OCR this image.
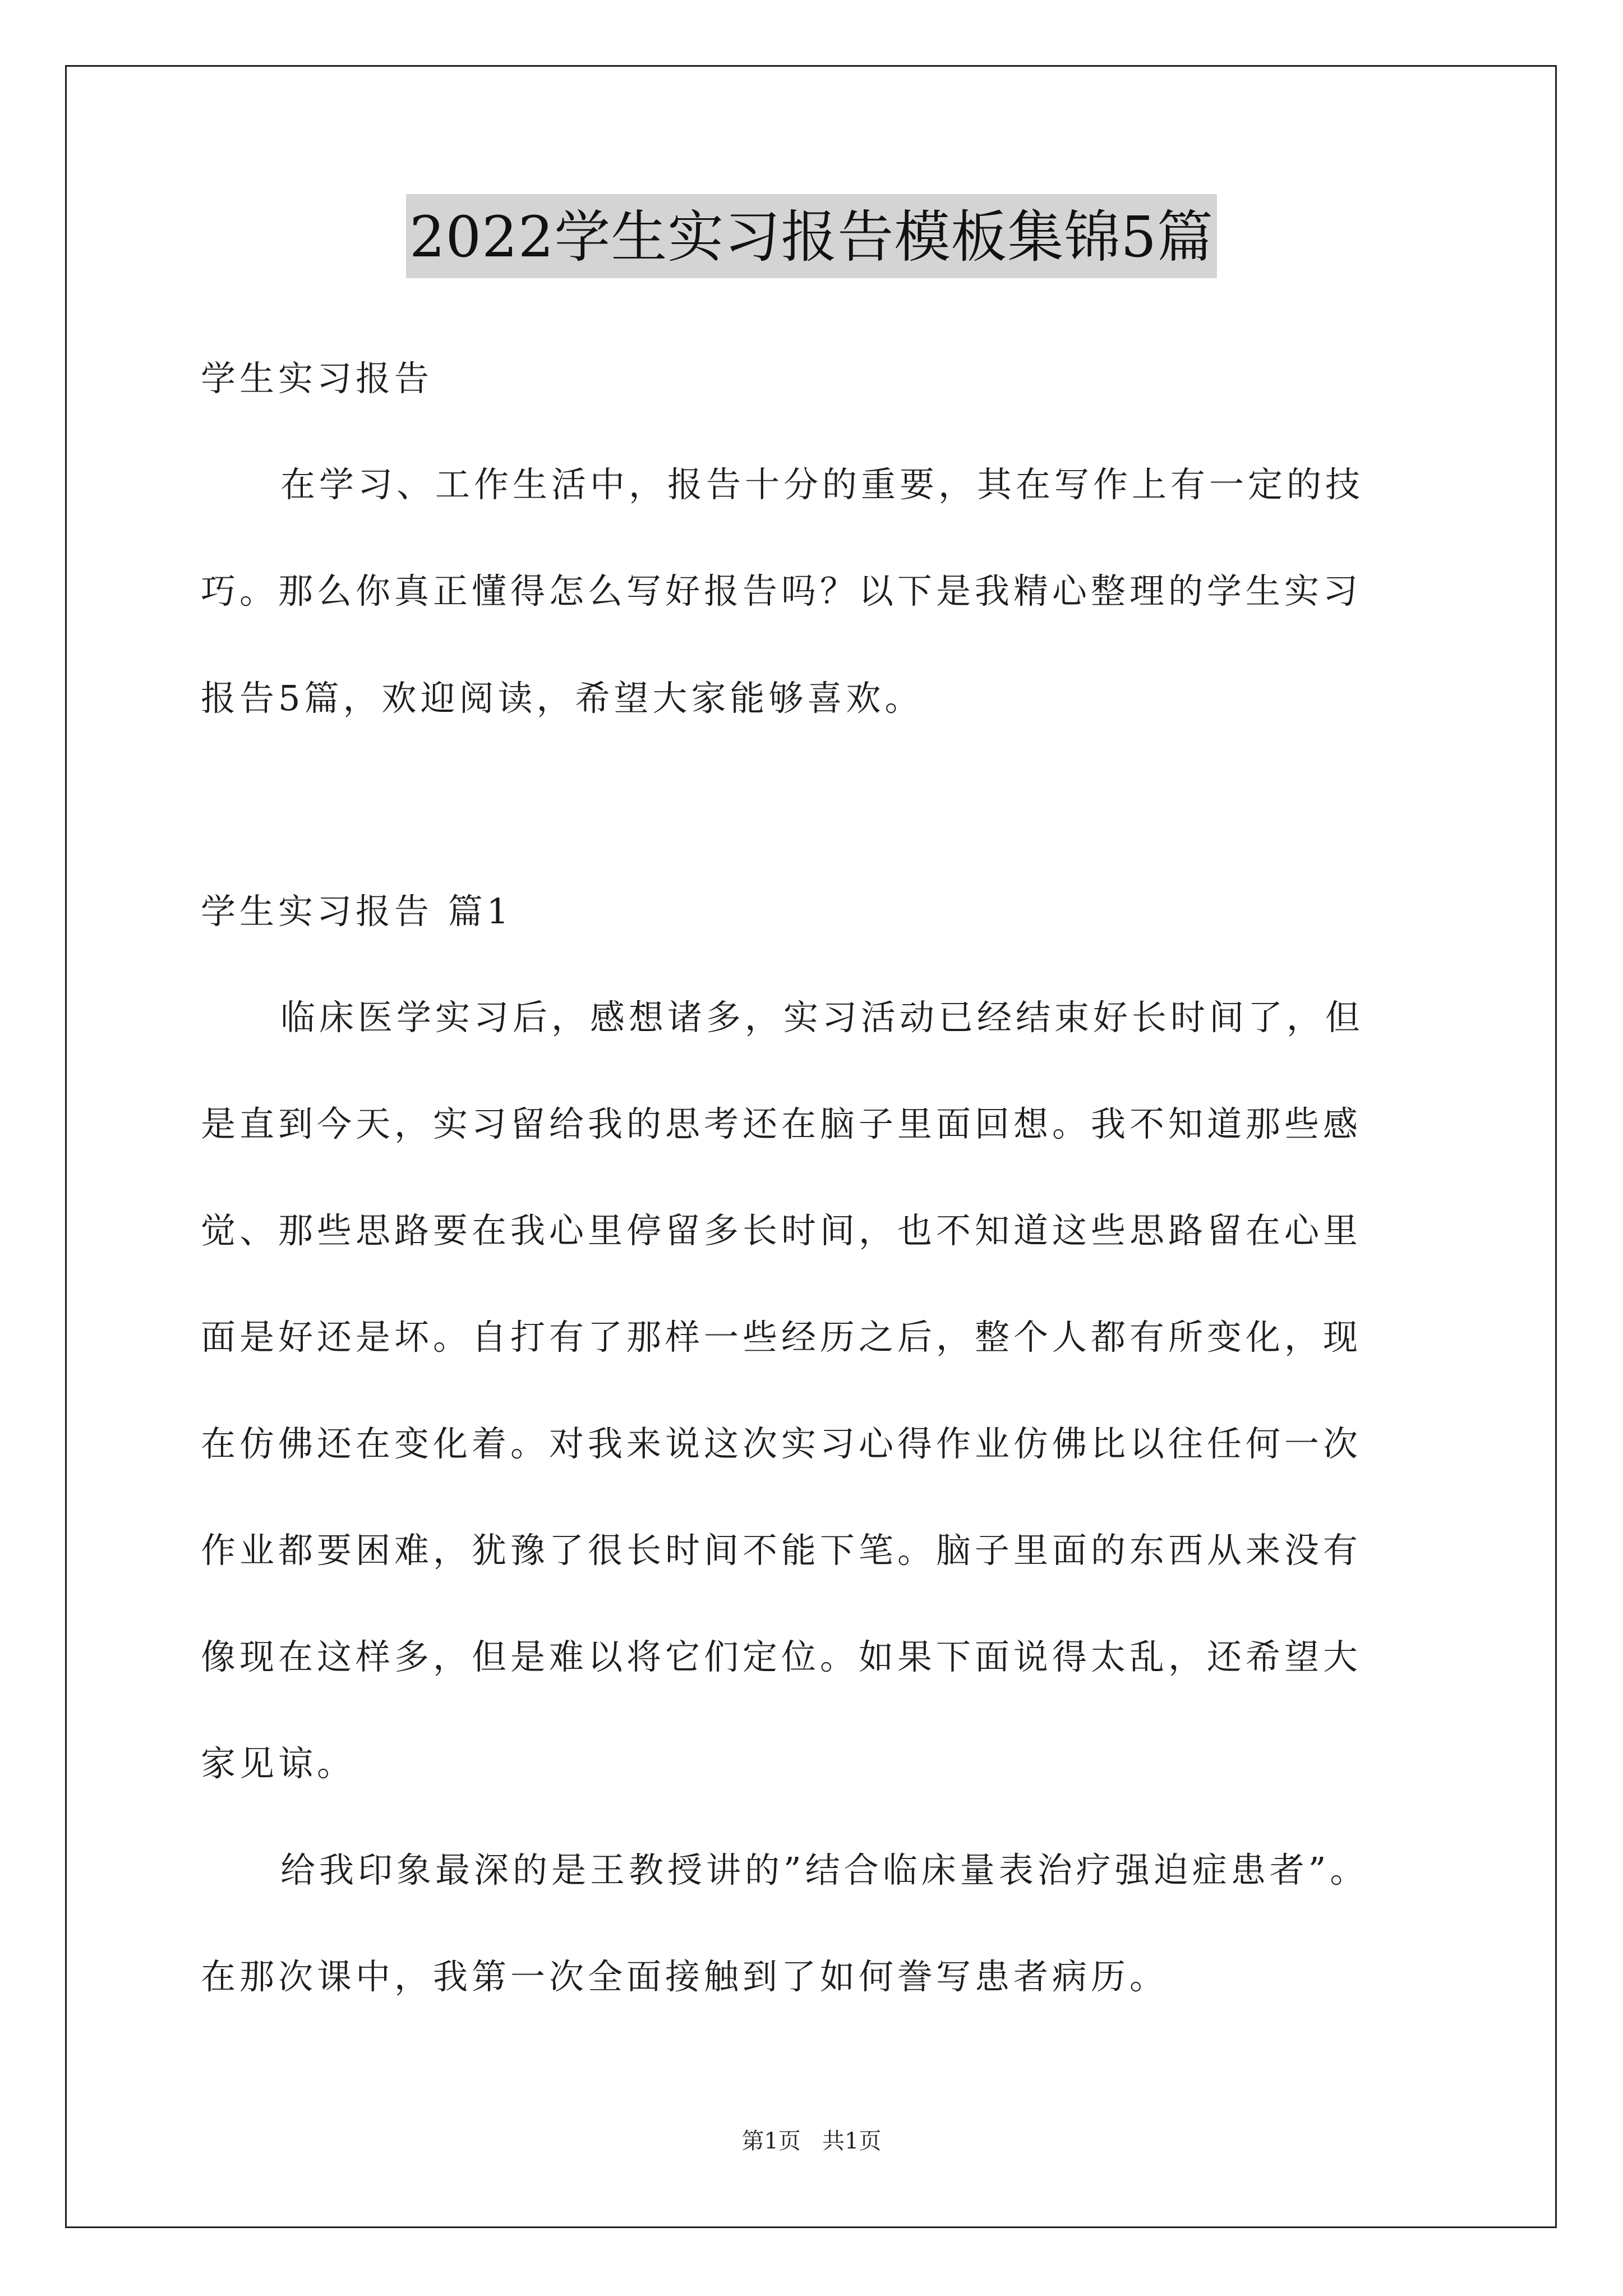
2022学生实习报告模板集锦5篇
学生实习报告
在学习、工作生活中，报告十分的重要，其在写作上有一定的技
巧。那么你真正懂得怎么写好报告吗？以下是我精心整理的学生实习
报告5篇，欢迎阅读，希望大家能够喜欢。
学生实习报告 篇1
临床医学实习后，感想诸多，实习活动已经结束好长时间了，但
是直到今天，实习留给我的思考还在脑子里面回想。我不知道那些感
觉、那些思路要在我心里停留多长时间，也不知道这些思路留在心里
面是好还是坏。自打有了那样一些经历之后，整个人都有所变化，现
在仿佛还在变化着。对我来说这次实习心得作业仿佛比以往任何一次
作业都要困难，犹豫了很长时间不能下笔。脑子里面的东西从来没有
像现在这样多，但是难以将它们定位。如果下面说得太乱，还希望大
家见谅。
给我印象最深的是王教授讲的”结合临床量表治疗强迫症患者”。
在那次课中，我第一次全面接触到了如何誊写患者病历。
第1页   共1页
